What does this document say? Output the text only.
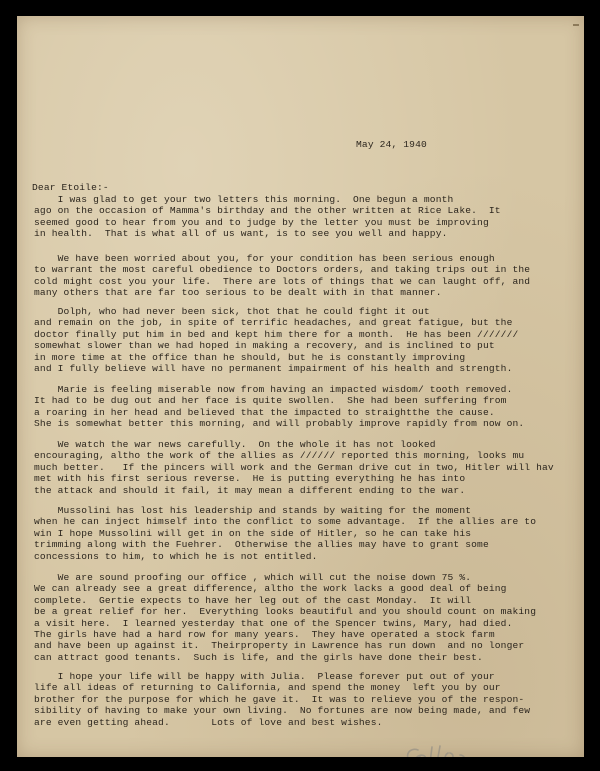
May 24, 1940

Dear Etoile:-

I was glad to get your two letters this morning.  One begun a month
ago on the occasion of Mamma's birthday and the other written at Rice Lake.  It
seemed good to hear from you and to judge by the letter you must be improving
in health.  That is what all of us want, is to see you well and happy.

We have been worried about you, for your condition has been serious enough
to warrant the most careful obedience to Doctors orders, and taking trips out in the
cold might cost you your life.  There are lots of things that we can laught off, and
many others that are far too serious to be dealt with in that manner.

Dolph, who had never been sick, thot that he could fight it out
and remain on the job, in spite of terrific headaches, and great fatigue, but the
doctor finally put him in bed and kept him there for a month.  He has been ///////
somewhat slower than we had hoped in making a recovery, and is inclined to put
in more time at the office than he should, but he is constantly improving
and I fully believe will have no permanent impairment of his health and strength.

Marie is feeling miserable now from having an impacted wisdom/ tooth removed.
It had to be dug out and her face is quite swollen.  She had been suffering from
a roaring in her head and believed that the impacted to straightthe the cause.
She is somewhat better this morning, and will probably improve rapidly from now on.

We watch the war news carefully.  On the whole it has not looked
encouraging, altho the work of the allies as ////// reported this morning, looks mu
much better.   If the pincers will work and the German drive cut in two, Hitler will hav
met with his first serious reverse.  He is putting everything he has into
the attack and should it fail, it may mean a different ending to the war.

Mussolini has lost his leadership and stands by waiting for the moment
when he can inject himself into the conflict to some advantage.  If the allies are to
win I hope Mussolini will get in on the side of Hitler, so he can take his
trimming along with the Fuehrer.  Otherwise the allies may have to grant some
concessions to him, to which he is not entitled.

We are sound proofing our office , which will cut the noise down 75 %.
We can already see a great difference, altho the work lacks a good deal of being
complete.  Gertie expects to have her leg out of the cast Monday.  It will
be a great relief for her.  Everything looks beautiful and you should count on making
a visit here.  I learned yesterday that one of the Spencer twins, Mary, had died.
The girls have had a hard row for many years.  They have operated a stock farm
and have been up against it.  Theirproperty in Lawrence has run down  and no longer
can attract good tenants.  Such is life, and the girls have done their best.

I hope your life will be happy with Julia.  Please forever put out of your
life all ideas of returning to California, and spend the money  left you by our
brother for the purpose for which he gave it.  It was to relieve you of the respon-
sibility of having to make your own living.  No fortunes are now being made, and few
are even getting ahead.       Lots of love and best wishes.
